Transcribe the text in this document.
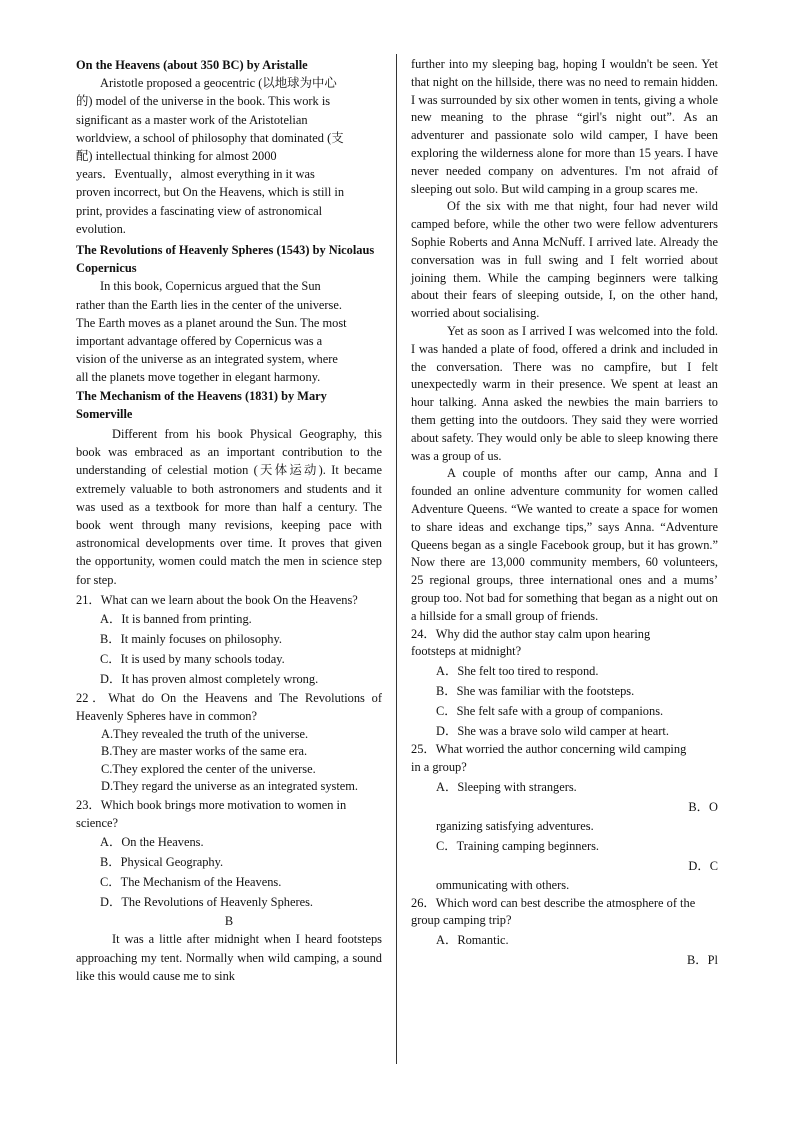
On the Heavens (about 350 BC) by Aristalle

Aristotle proposed a geocentric (以地球为中心

的) model of the universe in the book. This work is

significant as a master work of the Aristotelian

worldview, a school of philosophy that dominated (支

配) intellectual thinking for almost 2000

years．Eventually，almost everything in it was

proven incorrect, but On the Heavens, which is still in

print, provides a fascinating view of astronomical

evolution.

The Revolutions of Heavenly Spheres (1543) by Nicolaus Copernicus

In this book, Copernicus argued that the Sun

rather than the Earth lies in the center of the universe.

The Earth moves as a planet around the Sun. The most

important advantage offered by Copernicus was a

vision of the universe as an integrated system, where

all the planets move together in elegant harmony.

The Mechanism of the Heavens (1831) by Mary Somerville

Different from his book Physical Geography, this book was embraced as an important contribution to the understanding of celestial motion (天体运动). It became extremely valuable to both astronomers and students and it was used as a textbook for more than half a century. The book went through many revisions, keeping pace with astronomical developments over time. It proves that given the opportunity, women could match the men in science step for step.

21．What can we learn about the book On the Heavens?

A．It is banned from printing.

B．It mainly focuses on philosophy.

C．It is used by many schools today.

D．It has proven almost completely wrong.

22．What do On the Heavens and The Revolutions of Heavenly Spheres have in common?

A.They revealed the truth of the universe.

B.They are master works of the same era.

C.They explored the center of the universe.

D.They regard the universe as an integrated system.

23．Which book brings more motivation to women in science?

A．On the Heavens.

B．Physical Geography.

C．The Mechanism of the Heavens.

D．The Revolutions of Heavenly Spheres.

B

It was a little after midnight when I heard footsteps approaching my tent. Normally when wild camping, a sound like this would cause me to sink

further into my sleeping bag, hoping I wouldn't be seen. Yet that night on the hillside, there was no need to remain hidden. I was surrounded by six other women in tents, giving a whole new meaning to the phrase “girl's night out”. As an adventurer and passionate solo wild camper, I have been exploring the wilderness alone for more than 15 years. I have never needed company on adventures. I'm not afraid of sleeping out solo. But wild camping in a group scares me.

Of the six with me that night, four had never wild camped before, while the other two were fellow adventurers Sophie Roberts and Anna McNuff. I arrived late. Already the conversation was in full swing and I felt worried about joining them. While the camping beginners were talking about their fears of sleeping outside, I, on the other hand, worried about socialising.

Yet as soon as I arrived I was welcomed into the fold. I was handed a plate of food, offered a drink and included in the conversation. There was no campfire, but I felt unexpectedly warm in their presence. We spent at least an hour talking. Anna asked the newbies the main barriers to them getting into the outdoors. They said they were worried about safety. They would only be able to sleep knowing there was a group of us.

A couple of months after our camp, Anna and I founded an online adventure community for women called Adventure Queens. “We wanted to create a space for women to share ideas and exchange tips,” says Anna. “Adventure Queens began as a single Facebook group, but it has grown.” Now there are 13,000 community members, 60 volunteers, 25 regional groups, three international ones and a mums’ group too. Not bad for something that began as a night out on a hillside for a small group of friends.

24．Why did the author stay calm upon hearing footsteps at midnight?

A．She felt too tired to respond.

B．She was familiar with the footsteps.

C．She felt safe with a group of companions.

D．She was a brave solo wild camper at heart.

25．What worried the author concerning wild camping in a group?

A．Sleeping with strangers.

B．O

rganizing satisfying adventures.

C．Training camping beginners.

D．C

ommunicating with others.

26．Which word can best describe the atmosphere of the group camping trip?

A．Romantic.

B．Pl
